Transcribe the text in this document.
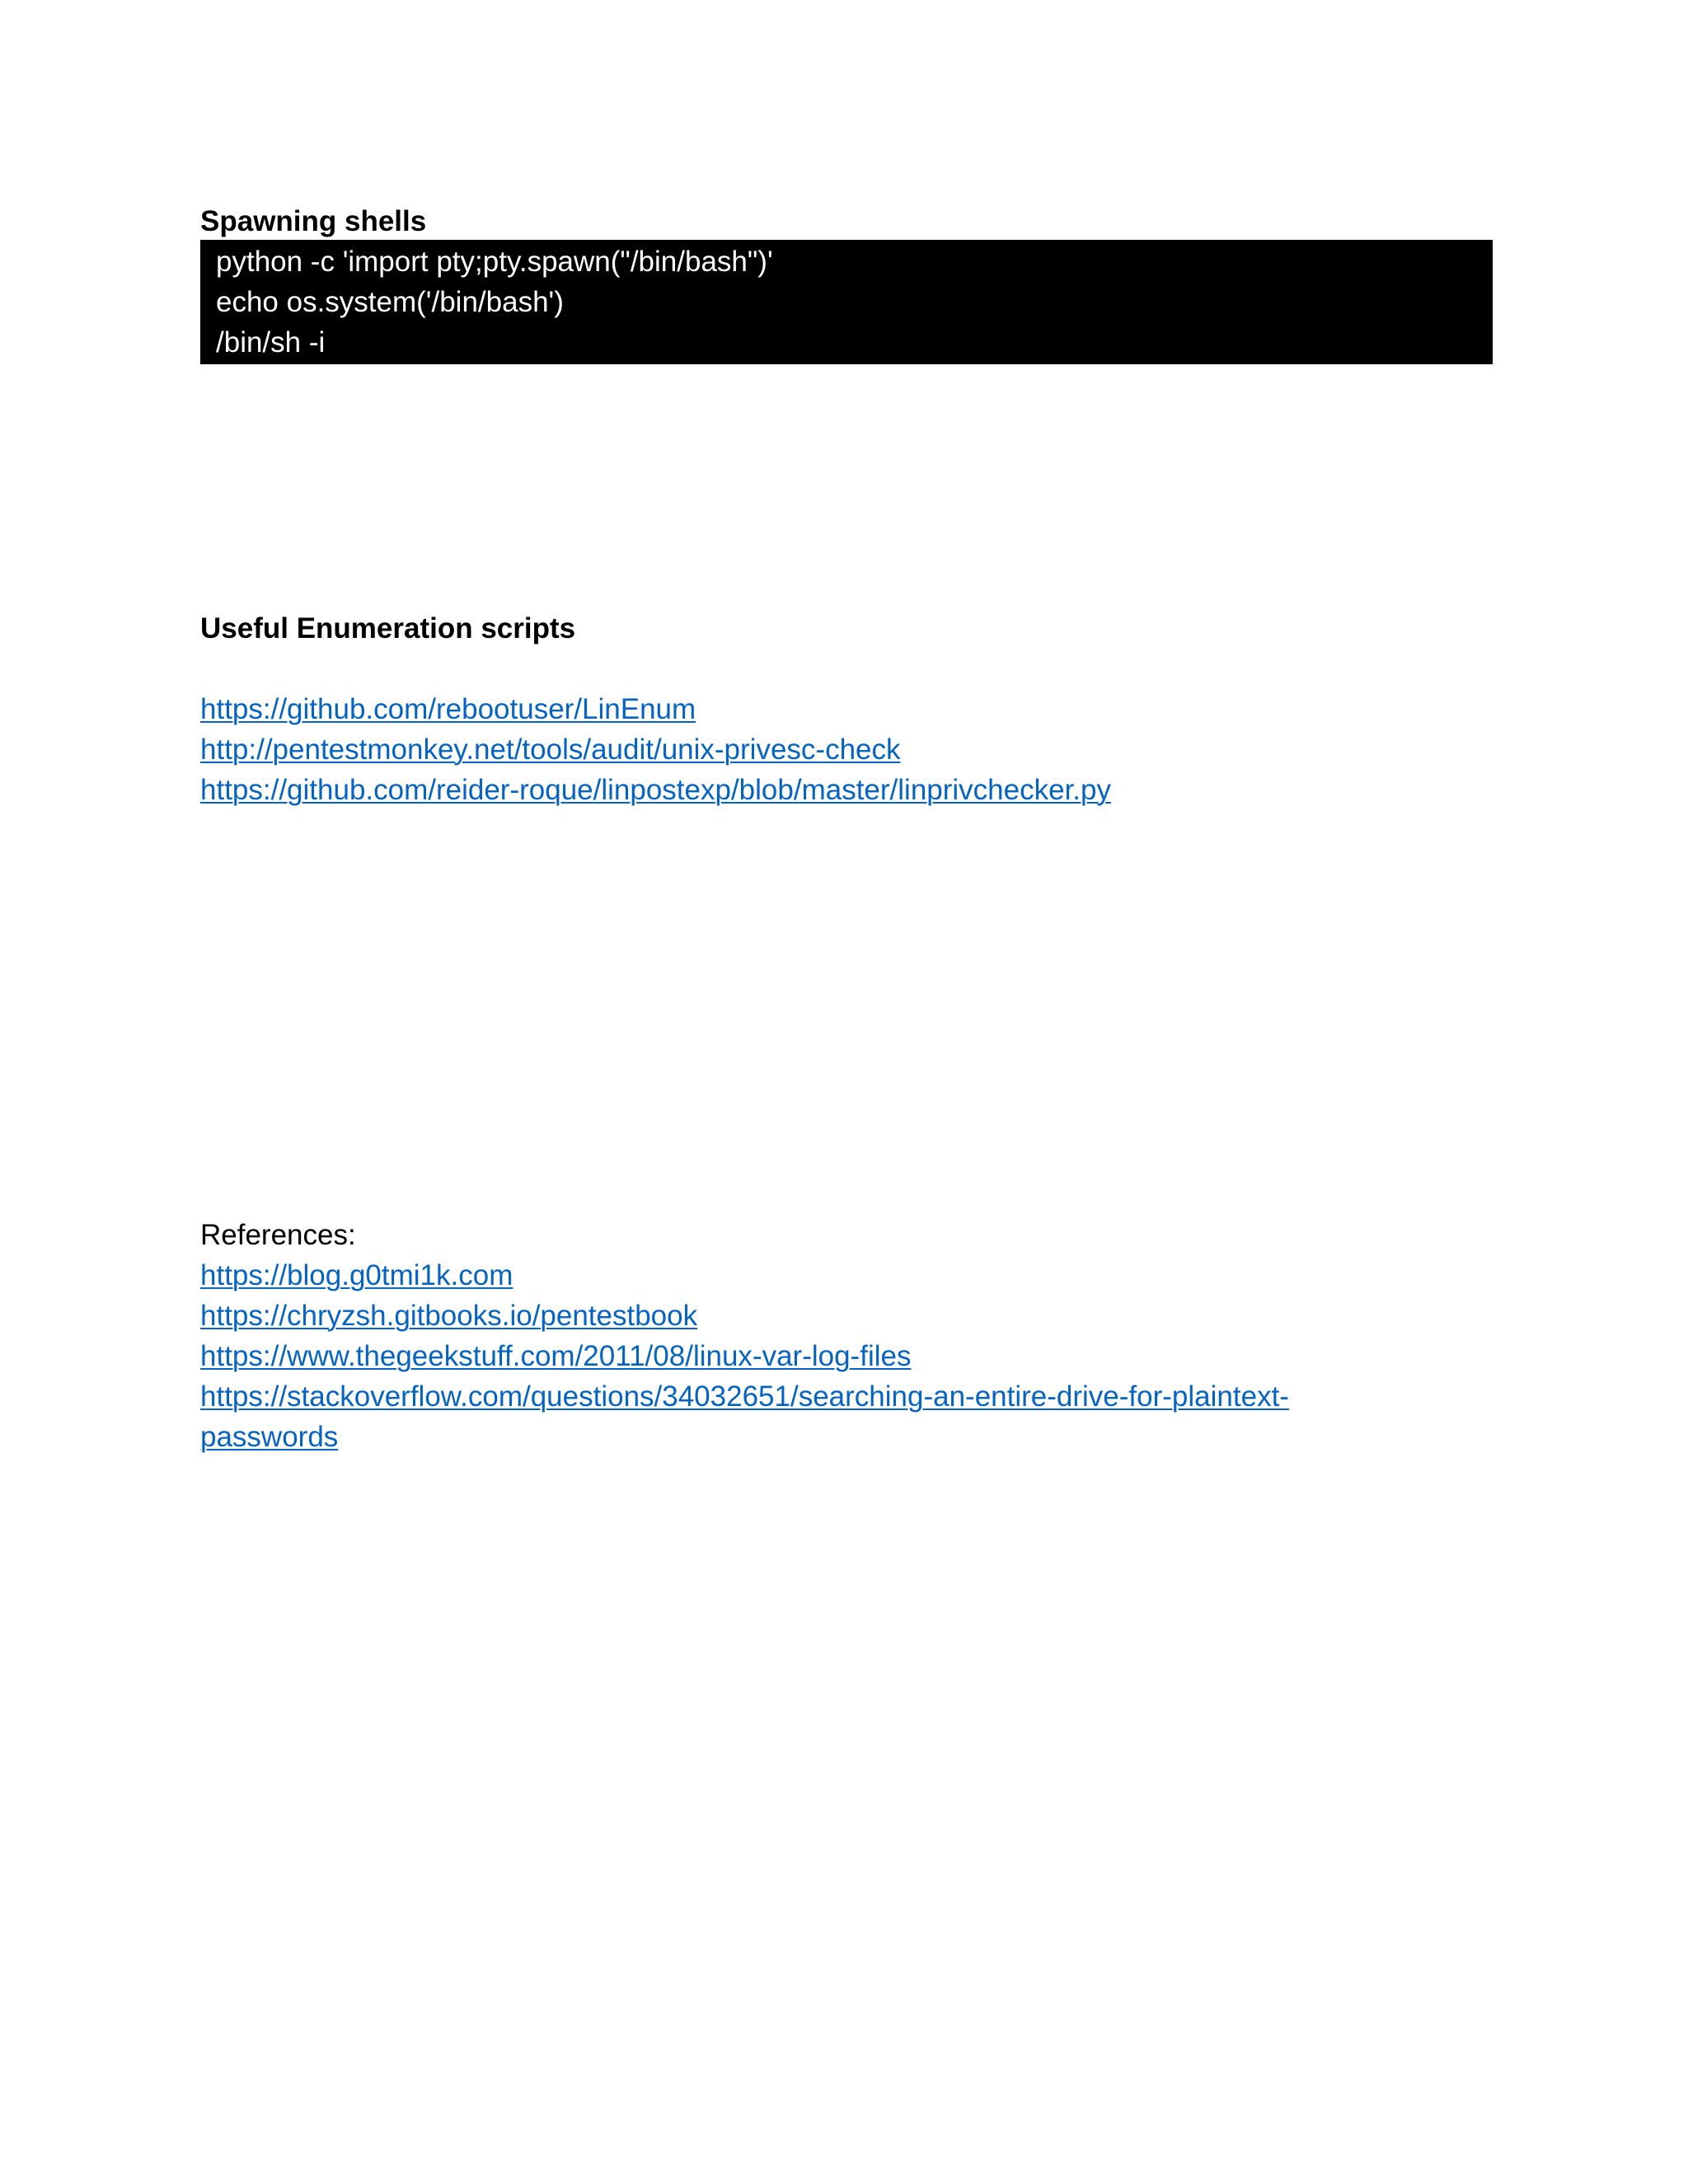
Spawning shells
python -c 'import pty;pty.spawn("/bin/bash")'
echo os.system('/bin/bash')
/bin/sh -i
Useful Enumeration scripts
https://github.com/rebootuser/LinEnum
http://pentestmonkey.net/tools/audit/unix-privesc-check
https://github.com/reider-roque/linpostexp/blob/master/linprivchecker.py
References:
https://blog.g0tmi1k.com
https://chryzsh.gitbooks.io/pentestbook
https://www.thegeekstuff.com/2011/08/linux-var-log-files
https://stackoverflow.com/questions/34032651/searching-an-entire-drive-for-plaintext-
passwords
